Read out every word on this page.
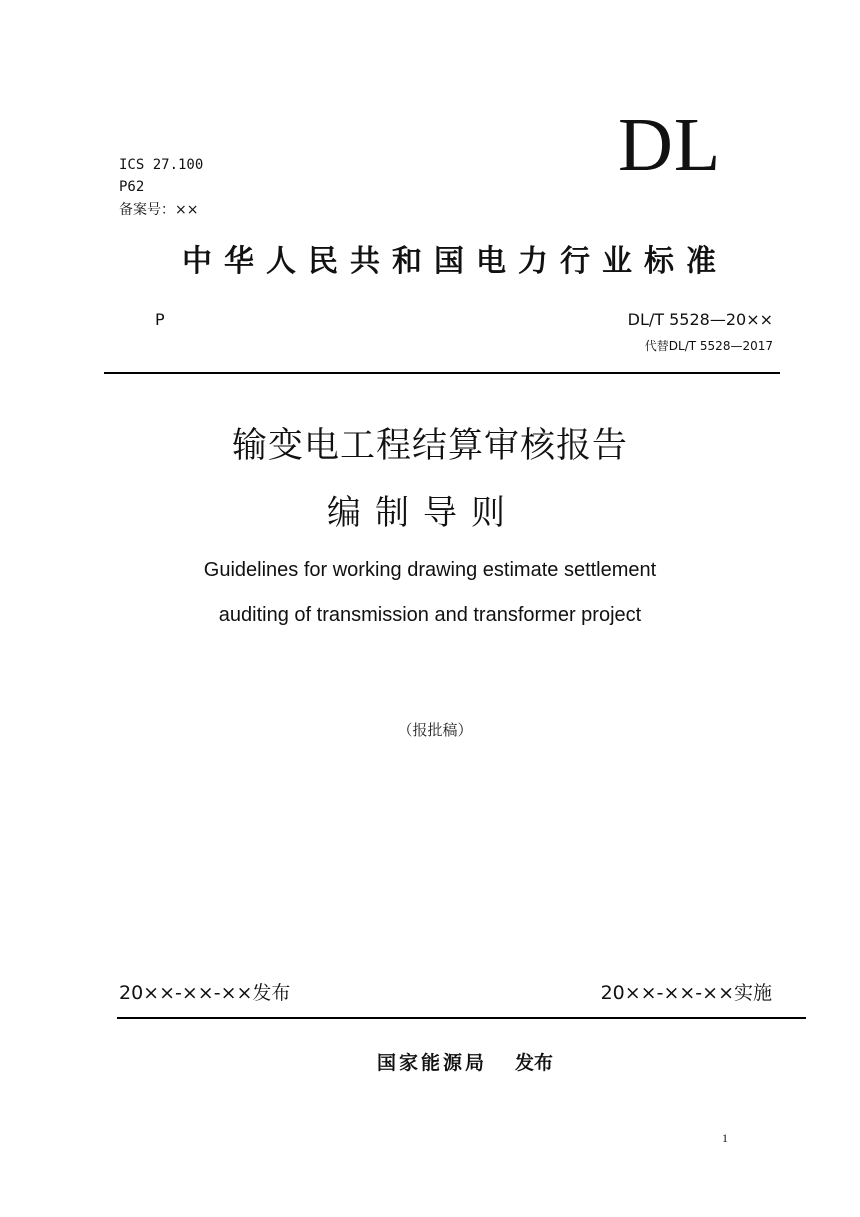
ICS 27.100
P62
备案号：××
DL
中华人民共和国电力行业标准
P	DL/T 5528—20××
代替DL/T 5528—2017
输变电工程结算审核报告
编制导则
Guidelines for working drawing estimate settlement
auditing of transmission and transformer project
（报批稿）
20××-××-××发布	20××-××-××实施
国家能源局 发布
1
